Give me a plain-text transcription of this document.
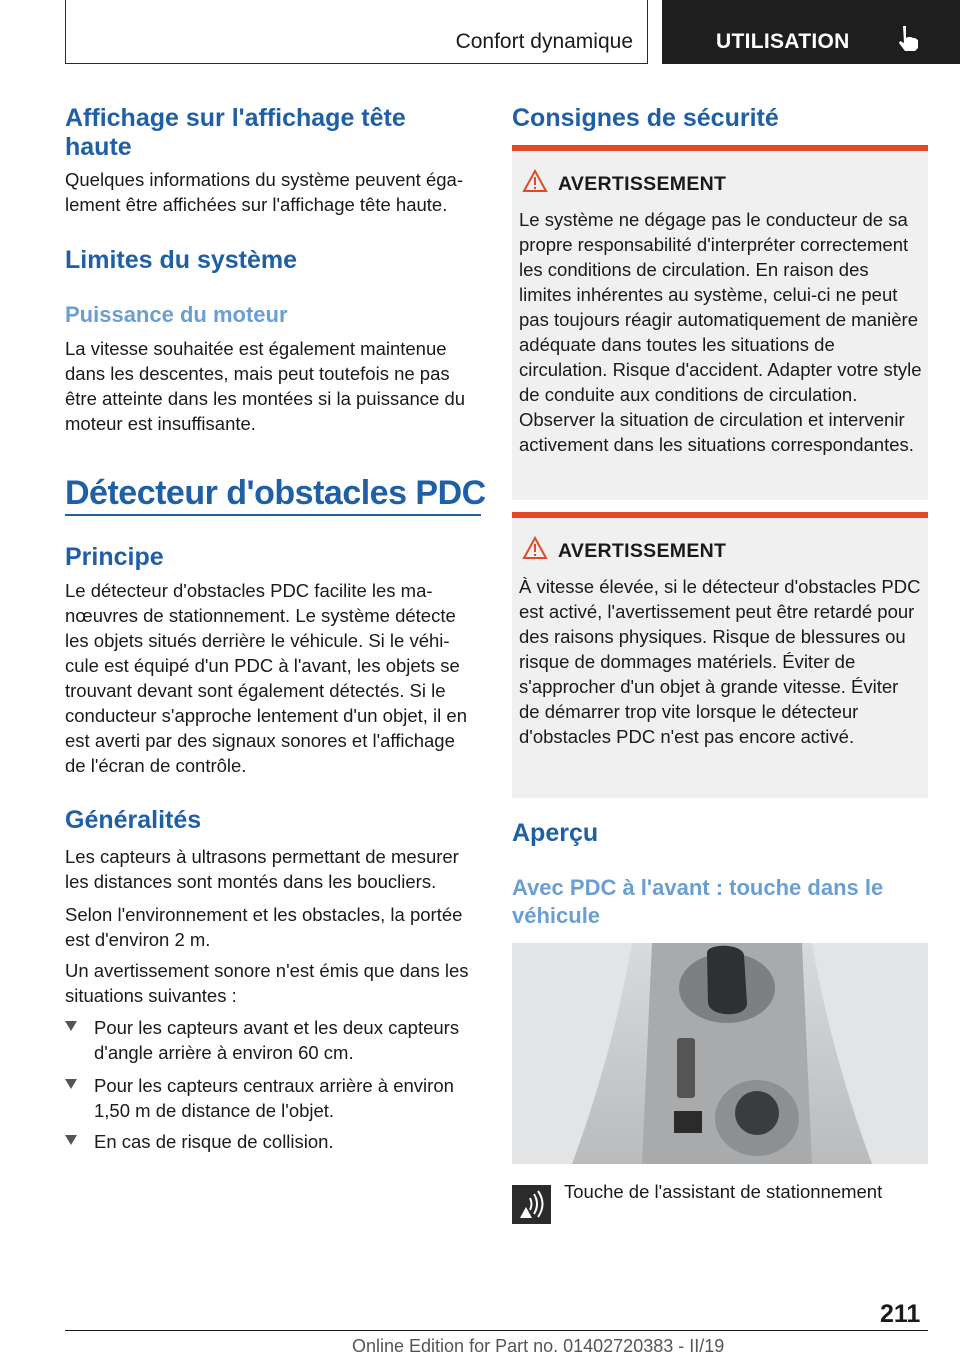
Confort dynamique	UTILISATION
Affichage sur l'affichage tête haute

Quelques informations du système peuvent également être affichées sur l'affichage tête haute.

Limites du système
Puissance du moteur

La vitesse souhaitée est également maintenue dans les descentes, mais peut toutefois ne pas être atteinte dans les montées si la puissance du moteur est insuffisante.

Détecteur d'obstacles PDC
Principe

Le détecteur d'obstacles PDC facilite les manœuvres de stationnement. Le système détecte les objets situés derrière le véhicule. Si le véhicule est équipé d'un PDC à l'avant, les objets se trouvant devant sont également détectés. Si le conducteur s'approche lentement d'un objet, il en est averti par des signaux sonores et l'affichage de l'écran de contrôle.

Généralités

Les capteurs à ultrasons permettant de mesurer les distances sont montés dans les boucliers.

Selon l'environnement et les obstacles, la portée est d'environ 2 m.

Un avertissement sonore n'est émis que dans les situations suivantes :

Pour les capteurs avant et les deux capteurs d'angle arrière à environ 60 cm.
Pour les capteurs centraux arrière à environ 1,50 m de distance de l'objet.
En cas de risque de collision.
Consignes de sécurité
AVERTISSEMENT
Le système ne dégage pas le conducteur de sa propre responsabilité d'interpréter correctement les conditions de circulation. En raison des limites inhérentes au système, celui-ci ne peut pas toujours réagir automatiquement de manière adéquate dans toutes les situations de circulation. Risque d'accident. Adapter votre style de conduite aux conditions de circulation. Observer la situation de circulation et intervenir activement dans les situations correspondantes.
AVERTISSEMENT
À vitesse élevée, si le détecteur d'obstacles PDC est activé, l'avertissement peut être retardé pour des raisons physiques. Risque de blessures ou risque de dommages matériels. Éviter de s'approcher d'un objet à grande vitesse. Éviter de démarrer trop vite lorsque le détecteur d'obstacles PDC n'est pas encore activé.
Aperçu
Avec PDC à l'avant : touche dans le véhicule
Touche de l'assistant de stationnement
211
Online Edition for Part no. 01402720383 - II/19
